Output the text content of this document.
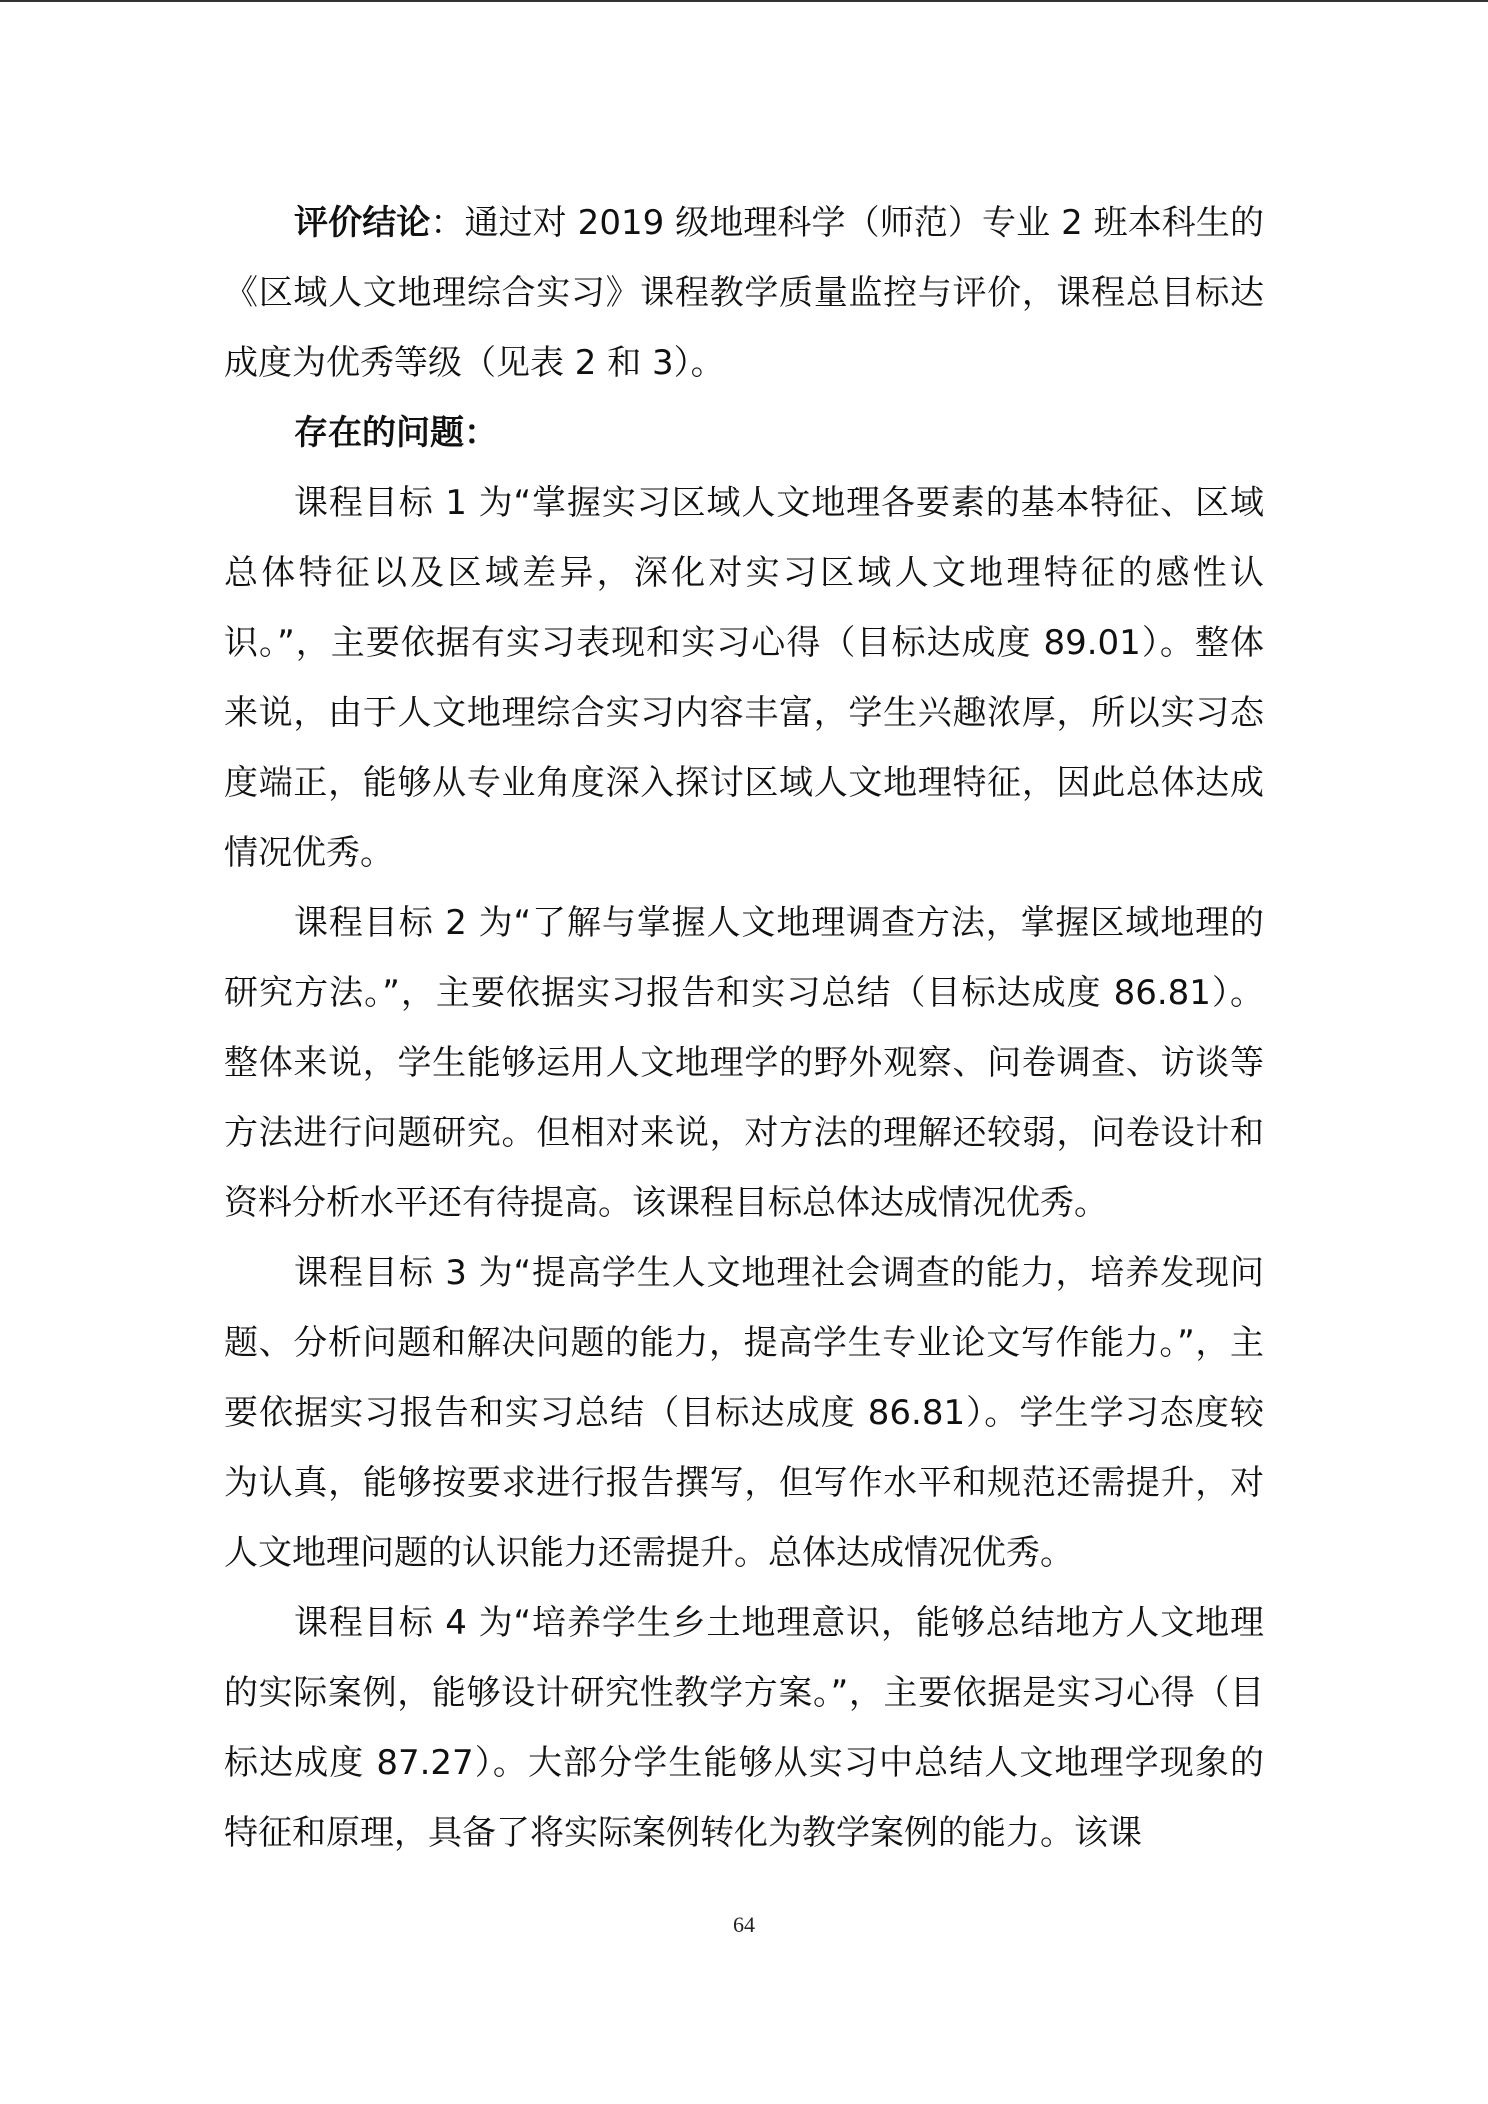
评价结论：通过对 2019 级地理科学（师范）专业 2 班本科生的《区域人文地理综合实习》课程教学质量监控与评价，课程总目标达成度为优秀等级（见表 2 和 3）。

存在的问题：

课程目标 1 为“掌握实习区域人文地理各要素的基本特征、区域总体特征以及区域差异，深化对实习区域人文地理特征的感性认识。”，主要依据有实习表现和实习心得（目标达成度 89.01）。整体来说，由于人文地理综合实习内容丰富，学生兴趣浓厚，所以实习态度端正，能够从专业角度深入探讨区域人文地理特征，因此总体达成情况优秀。

课程目标 2 为“了解与掌握人文地理调查方法，掌握区域地理的研究方法。”，主要依据实习报告和实习总结（目标达成度 86.81）。整体来说，学生能够运用人文地理学的野外观察、问卷调查、访谈等方法进行问题研究。但相对来说，对方法的理解还较弱，问卷设计和资料分析水平还有待提高。该课程目标总体达成情况优秀。

课程目标 3 为“提高学生人文地理社会调查的能力，培养发现问题、分析问题和解决问题的能力，提高学生专业论文写作能力。”，主要依据实习报告和实习总结（目标达成度 86.81）。学生学习态度较为认真，能够按要求进行报告撰写，但写作水平和规范还需提升，对人文地理问题的认识能力还需提升。总体达成情况优秀。

课程目标 4 为“培养学生乡土地理意识，能够总结地方人文地理的实际案例，能够设计研究性教学方案。”，主要依据是实习心得（目标达成度 87.27）。大部分学生能够从实习中总结人文地理学现象的特征和原理，具备了将实际案例转化为教学案例的能力。该课

64
